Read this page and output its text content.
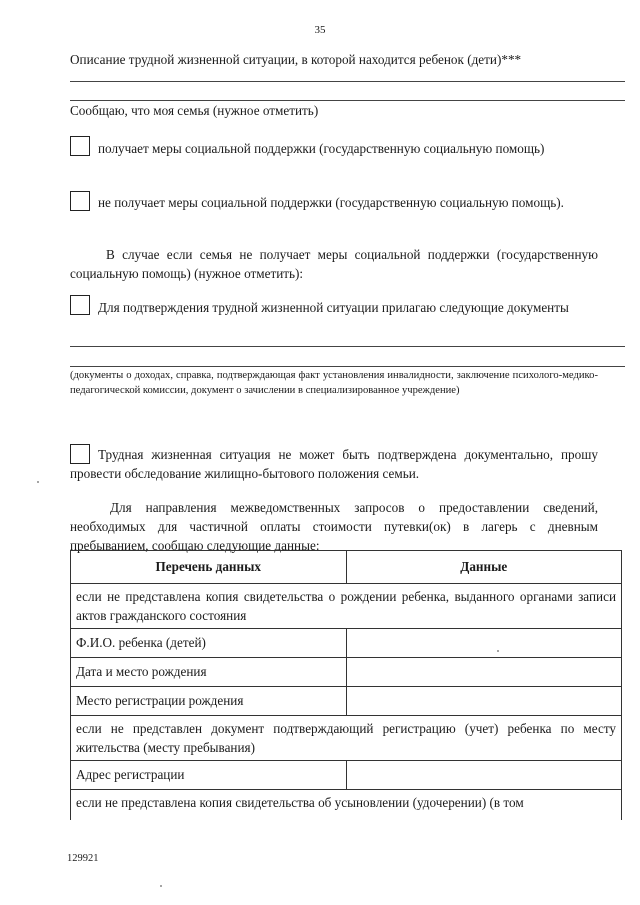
35
Описание трудной жизненной ситуации, в которой находится ребенок (дети)***
Сообщаю, что моя семья (нужное отметить)
получает меры социальной поддержки (государственную социальную помощь)
не получает меры социальной поддержки (государственную социальную помощь).
В случае если семья не получает меры социальной поддержки (государственную социальную помощь) (нужное отметить):
Для подтверждения трудной жизненной ситуации прилагаю следующие документы
(документы о доходах, справка, подтверждающая факт установления инвалидности, заключение психолого-медико-педагогической комиссии, документ о зачислении в специализированное учреждение)
Трудная жизненная ситуация не может быть подтверждена документально, прошу провести обследование жилищно-бытового положения семьи.
Для направления межведомственных запросов о предоставлении сведений, необходимых для частичной оплаты стоимости путевки(ок) в лагерь с дневным пребыванием, сообщаю следующие данные:
Перечень данных	Данные
если не представлена копия свидетельства о рождении ребенка, выданного органами записи актов гражданского состояния	
Ф.И.О. ребенка (детей)	
Дата и место рождения	
Место регистрации рождения	
если не представлен документ подтверждающий регистрацию (учет) ребенка по месту жительства (месту пребывания)	
Адрес регистрации	
если не представлена копия свидетельства об усыновлении (удочерении) (в том	
129921
